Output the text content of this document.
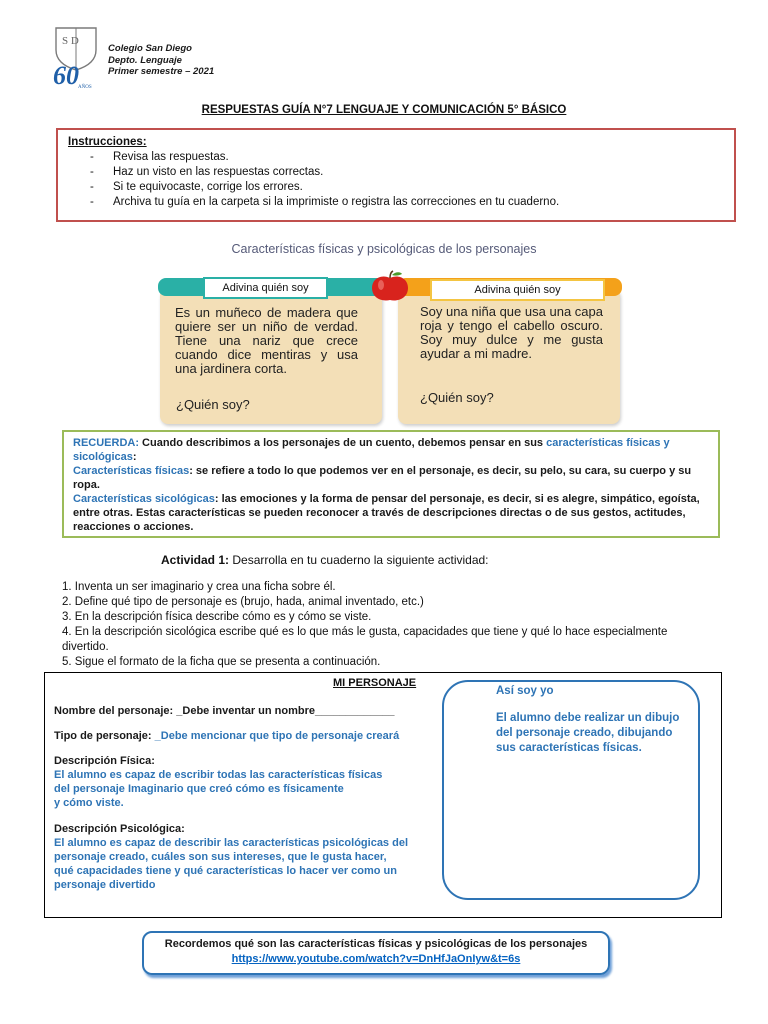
S D
60 AÑOS
Colegio San Diego
Depto. Lenguaje
Primer semestre – 2021
RESPUESTAS GUÍA N°7 LENGUAJE Y COMUNICACIÓN 5° BÁSICO
Instrucciones:
- Revisa las respuestas.
- Haz un visto en las respuestas correctas.
- Si te equivocaste, corrige los errores.
- Archiva tu guía en la carpeta si la imprimiste o registra las correcciones en tu cuaderno.
Características físicas y psicológicas de los personajes
Adivina quién soy	Adivina quién soy
Es un muñeco de madera que quiere ser un niño de verdad. Tiene una nariz que crece cuando dice mentiras y usa una jardinera corta.
Soy una niña que usa una capa roja y tengo el cabello oscuro. Soy muy dulce y me gusta ayudar a mi madre.
¿Quién soy?	¿Quién soy?
RECUERDA: Cuando describimos a los personajes de un cuento, debemos pensar en sus características físicas y sicológicas:
Características físicas: se refiere a todo lo que podemos ver en el personaje, es decir, su pelo, su cara, su cuerpo y su ropa.
Características sicológicas: las emociones y la forma de pensar del personaje, es decir, si es alegre, simpático, egoísta, entre otras. Estas características se pueden reconocer a través de descripciones directas o de sus gestos, actitudes, reacciones o acciones.
Actividad 1: Desarrolla en tu cuaderno la siguiente actividad:
1. Inventa un ser imaginario y crea una ficha sobre él.
2. Define qué tipo de personaje es (brujo, hada, animal inventado, etc.)
3. En la descripción física describe cómo es y cómo se viste.
4. En la descripción sicológica escribe qué es lo que más le gusta, capacidades que tiene y qué lo hace especialmente divertido.
5. Sigue el formato de la ficha que se presenta a continuación.
MI PERSONAJE
Nombre del personaje: _Debe inventar un nombre_____________
Tipo de personaje: _Debe mencionar que tipo de personaje creará
Descripción Física:
El alumno es capaz de escribir todas las características físicas
del personaje Imaginario que creó cómo es físicamente
y cómo viste.
Descripción Psicológica:
El alumno es capaz de describir las características psicológicas del
personaje creado, cuáles son sus intereses, que le gusta hacer,
qué capacidades tiene y qué características lo hacer ver como un
personaje divertido
Así soy yo
El alumno debe realizar un dibujo del personaje creado, dibujando sus características físicas.
Recordemos qué son las características físicas y psicológicas de los personajes
https://www.youtube.com/watch?v=DnHfJaOnIyw&t=6s
